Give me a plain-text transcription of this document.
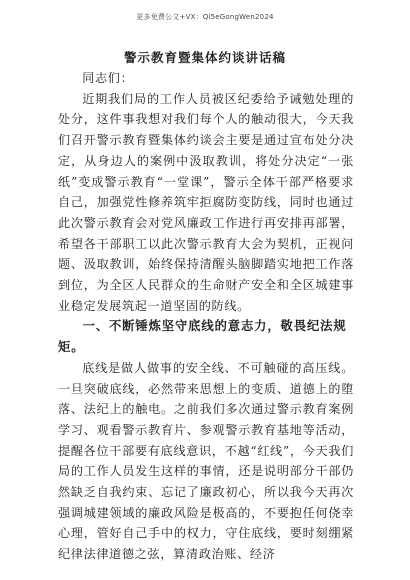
更多免费公文+VX：Qi5eGongWen2024
警示教育暨集体约谈讲话稿

同志们：

近期我们局的工作人员被区纪委给予诫勉处理的处分，这件事我想对我们每个人的触动很大，今天我们召开警示教育暨集体约谈会主要是通过宣布处分决定，从身边人的案例中汲取教训，将处分决定“一张纸”变成警示教育“一堂课”，警示全体干部严格要求自己，加强党性修养筑牢拒腐防变防线，同时也通过此次警示教育会对党风廉政工作进行再安排再部署，希望各干部职工以此次警示教育大会为契机，正视问题、汲取教训，始终保持清醒头脑脚踏实地把工作落到位，为全区人民群众的生命财产安全和全区城建事业稳定发展筑起一道坚固的防线。

一、不断锤炼坚守底线的意志力，敬畏纪法规矩。

底线是做人做事的安全线、不可触碰的高压线。一旦突破底线，必然带来思想上的变质、道德上的堕落、法纪上的触电。之前我们多次通过警示教育案例学习、观看警示教育片、参观警示教育基地等活动，提醒各位干部要有底线意识，不越“红线”，今天我们局的工作人员发生这样的事情，还是说明部分干部仍然缺乏自我约束、忘记了廉政初心，所以我今天再次强调城建领域的廉政风险是极高的，不要抱任何侥幸心理，管好自己手中的权力，守住底线，要时刻绷紧纪律法律道德之弦，算清政治账、经济
